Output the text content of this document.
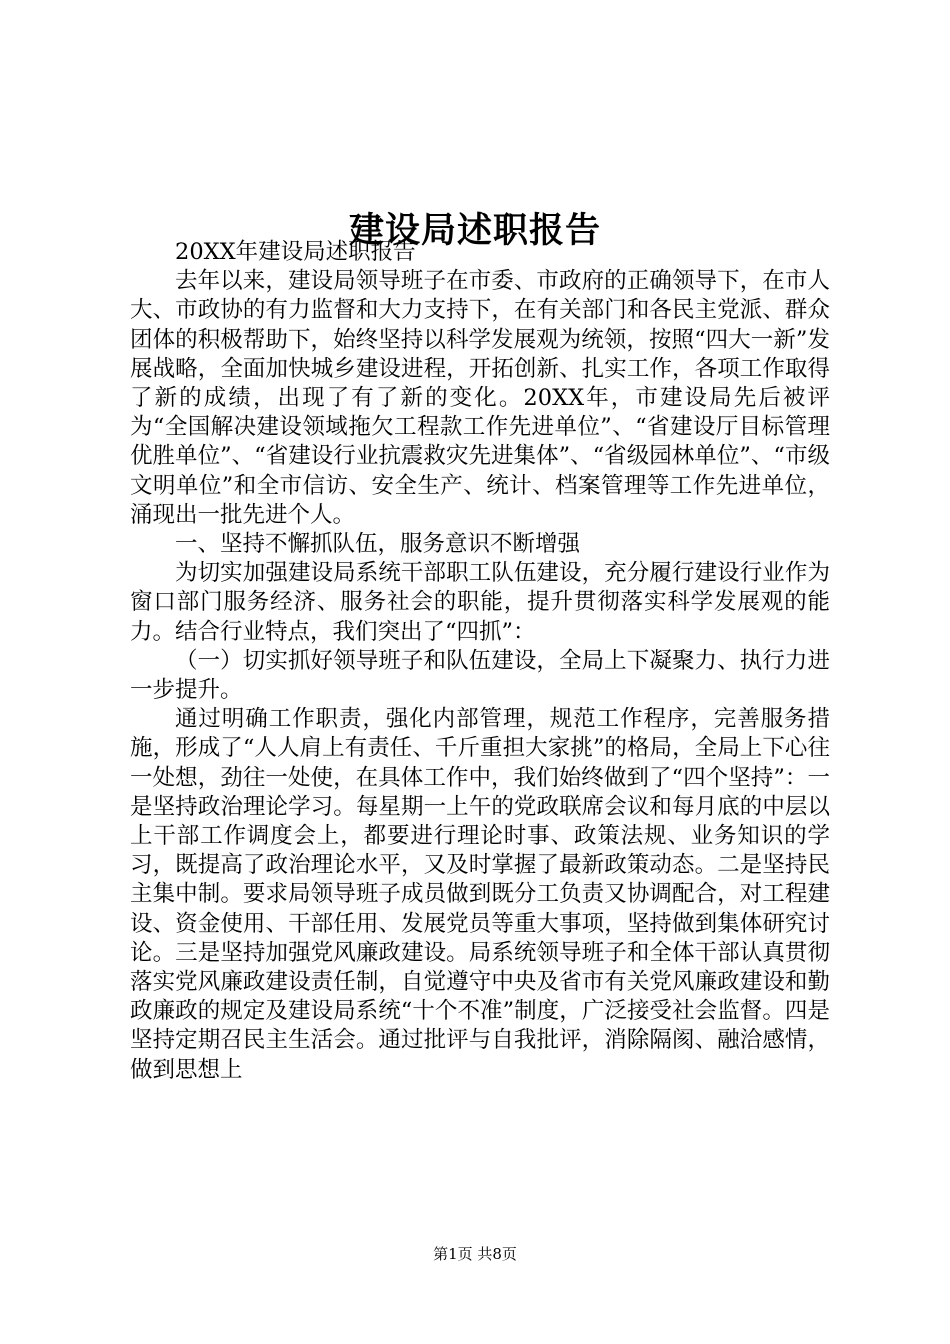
建设局述职报告

20XX年建设局述职报告

去年以来，建设局领导班子在市委、市政府的正确领导下，在市人大、市政协的有力监督和大力支持下，在有关部门和各民主党派、群众团体的积极帮助下，始终坚持以科学发展观为统领，按照“四大一新”发展战略，全面加快城乡建设进程，开拓创新、扎实工作，各项工作取得了新的成绩，出现了有了新的变化。20XX年，市建设局先后被评为“全国解决建设领域拖欠工程款工作先进单位”、“省建设厅目标管理优胜单位”、“省建设行业抗震救灾先进集体”、“省级园林单位”、“市级文明单位”和全市信访、安全生产、统计、档案管理等工作先进单位，涌现出一批先进个人。

一、坚持不懈抓队伍，服务意识不断增强

为切实加强建设局系统干部职工队伍建设，充分履行建设行业作为窗口部门服务经济、服务社会的职能，提升贯彻落实科学发展观的能力。结合行业特点，我们突出了“四抓”：

（一）切实抓好领导班子和队伍建设，全局上下凝聚力、执行力进一步提升。

通过明确工作职责，强化内部管理，规范工作程序，完善服务措施，形成了“人人肩上有责任、千斤重担大家挑”的格局，全局上下心往一处想，劲往一处使，在具体工作中，我们始终做到了“四个坚持”：一是坚持政治理论学习。每星期一上午的党政联席会议和每月底的中层以上干部工作调度会上，都要进行理论时事、政策法规、业务知识的学习，既提高了政治理论水平，又及时掌握了最新政策动态。二是坚持民主集中制。要求局领导班子成员做到既分工负责又协调配合，对工程建设、资金使用、干部任用、发展党员等重大事项，坚持做到集体研究讨论。三是坚持加强党风廉政建设。局系统领导班子和全体干部认真贯彻落实党风廉政建设责任制，自觉遵守中央及省市有关党风廉政建设和勤政廉政的规定及建设局系统“十个不准”制度，广泛接受社会监督。四是坚持定期召民主生活会。通过批评与自我批评，消除隔阂、融洽感情，做到思想上

第1页 共8页
